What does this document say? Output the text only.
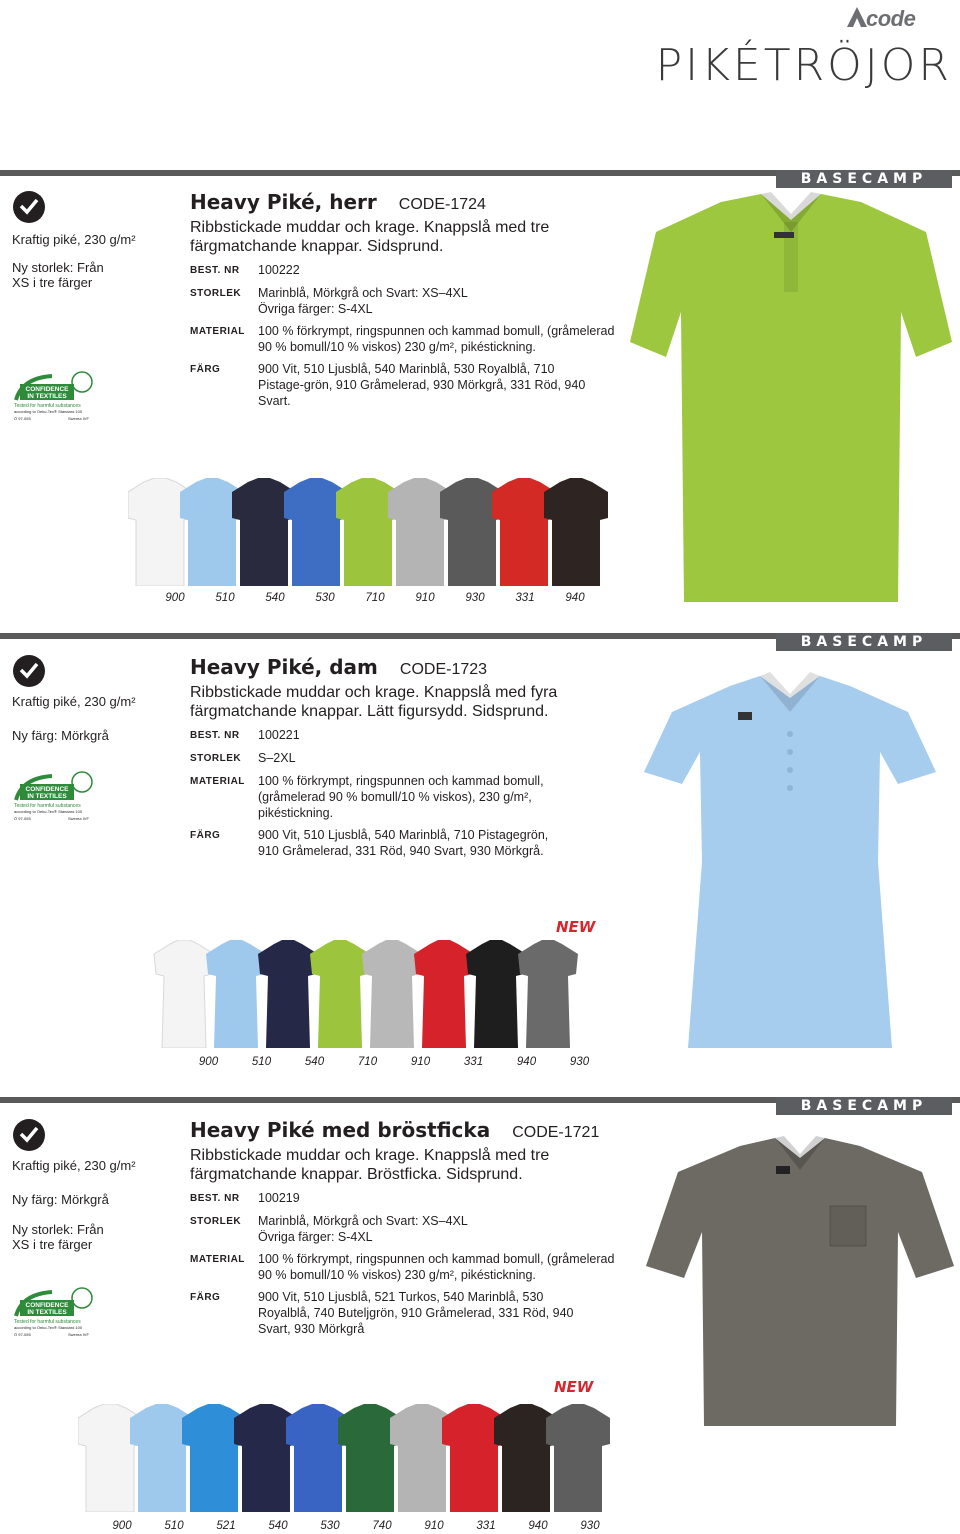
code
PIKÉTRÖJOR
BASECAMP
Kraftig piké, 230 g/m²
Ny storlek: Från XS i tre färger
CONFIDENCE
IN TEXTILES
Tested for harmful substances
according to Oeko-Tex® Standard 100
Ö 97-055	Swerea IVF
Heavy Piké, herr CODE-1724
Ribbstickade muddar och krage. Knappslå med tre färgmatchande knappar. Sidsprund.
BEST. NR	100222
STORLEK	Marinblå, Mörkgrå och Svart: XS–4XL Övriga färger: S-4XL
MATERIAL	100 % förkrympt, ringspunnen och kammad bomull, (gråmelerad 90 % bomull/10 % viskos) 230 g/m², pikéstickning.
FÄRG	900 Vit, 510 Ljusblå, 540 Marinblå, 530 Royalblå, 710 Pistage-grön, 910 Gråmelerad, 930 Mörkgrå, 331 Röd, 940 Svart.
900	510	540	530	710	910	930	331	940
BASECAMP
Kraftig piké, 230 g/m²
Ny färg: Mörkgrå
CONFIDENCE
IN TEXTILES
Tested for harmful substances
according to Oeko-Tex® Standard 100
Ö 97-055	Swerea IVF
Heavy Piké, dam CODE-1723
Ribbstickade muddar och krage. Knappslå med fyra färgmatchande knappar. Lätt figursydd. Sidsprund.
BEST. NR	100221
STORLEK	S–2XL
MATERIAL	100 % förkrympt, ringspunnen och kammad bomull, (gråmelerad 90 % bomull/10 % viskos), 230 g/m², pikéstickning.
FÄRG	900 Vit, 510 Ljusblå, 540 Marinblå, 710 Pistagegrön, 910 Gråmelerad, 331 Röd, 940 Svart, 930 Mörkgrå.
NEW
900	510	540	710	910	331	940	930
BASECAMP
Kraftig piké, 230 g/m²
Ny färg: Mörkgrå
Ny storlek: Från XS i tre färger
CONFIDENCE
IN TEXTILES
Tested for harmful substances
according to Oeko-Tex® Standard 100
Ö 97-055	Swerea IVF
Heavy Piké med bröstficka CODE-1721
Ribbstickade muddar och krage. Knappslå med tre färgmatchande knappar. Bröstficka. Sidsprund.
BEST. NR	100219
STORLEK	Marinblå, Mörkgrå och Svart: XS–4XL Övriga färger: S-4XL
MATERIAL	100 % förkrympt, ringspunnen och kammad bomull, (gråmelerad 90 % bomull/10 % viskos) 230 g/m², pikéstickning.
FÄRG	900 Vit, 510 Ljusblå, 521 Turkos, 540 Marinblå, 530 Royalblå, 740 Buteljgrön, 910 Gråmelerad, 331 Röd, 940 Svart, 930 Mörkgrå
NEW
900	510	521	540	530	740	910	331	940	930
